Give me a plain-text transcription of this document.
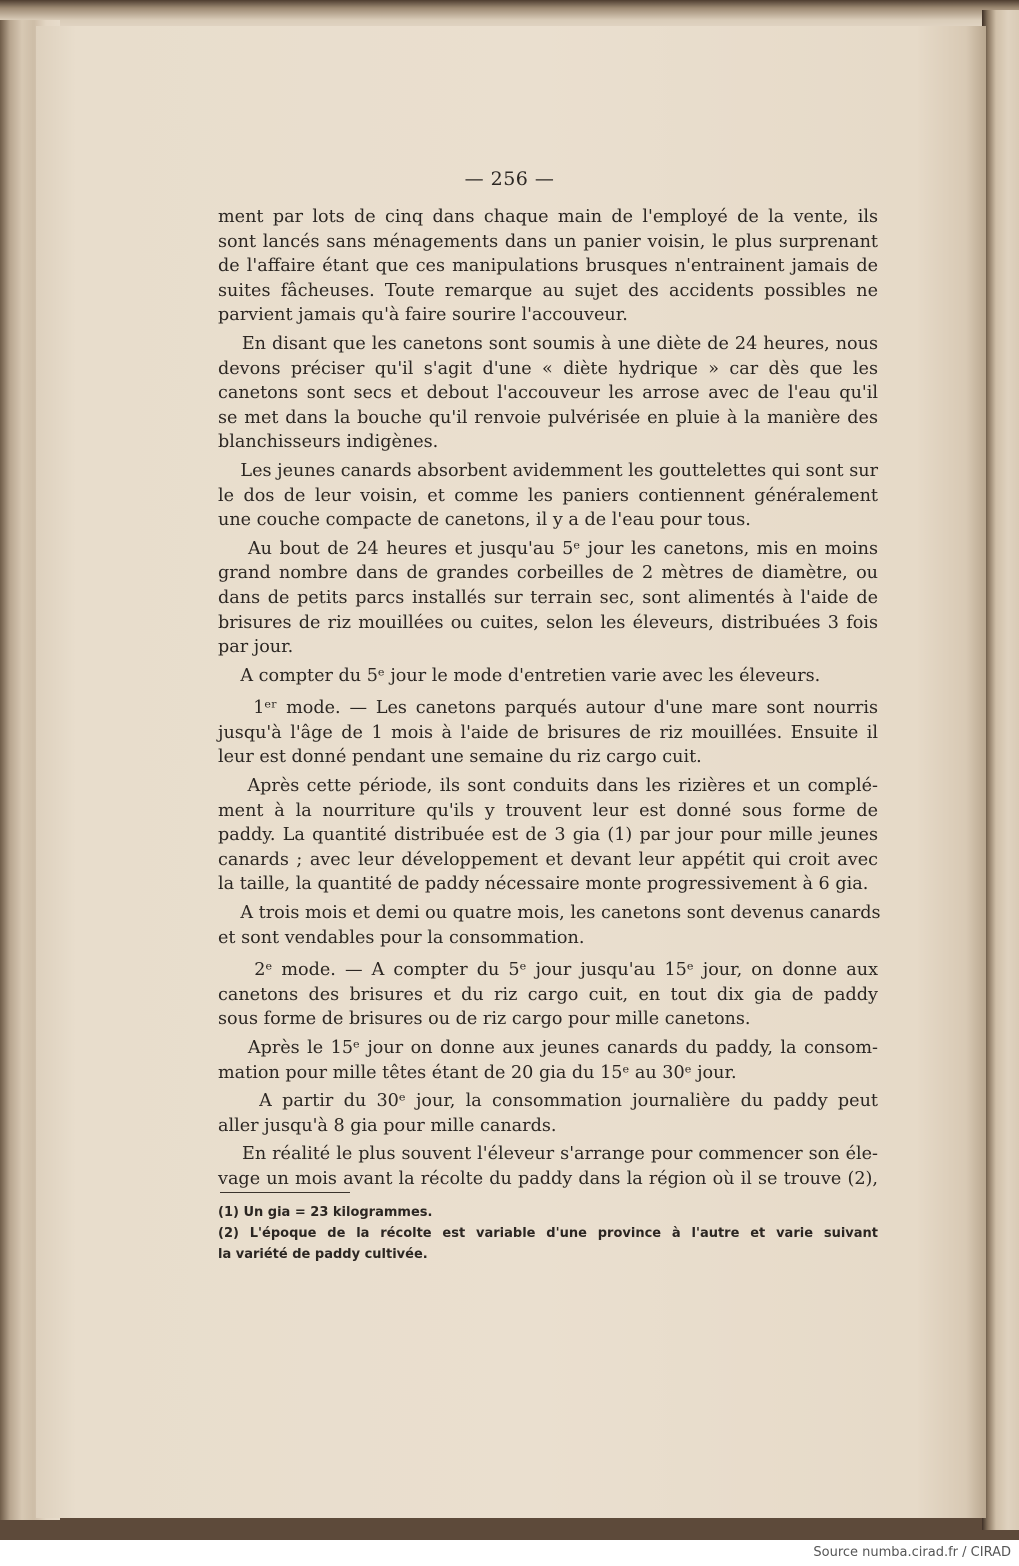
— 256 —
ment par lots de cinq dans chaque main de l'employé de la vente, ils
sont lancés sans ménagements dans un panier voisin, le plus surprenant
de l'affaire étant que ces manipulations brusques n'entrainent jamais de
suites fâcheuses. Toute remarque au sujet des accidents possibles ne
parvient jamais qu'à faire sourire l'accouveur.
En disant que les canetons sont soumis à une diète de 24 heures, nous
devons préciser qu'il s'agit d'une « diète hydrique » car dès que les
canetons sont secs et debout l'accouveur les arrose avec de l'eau qu'il
se met dans la bouche qu'il renvoie pulvérisée en pluie à la manière des
blanchisseurs indigènes.
Les jeunes canards absorbent avidemment les gouttelettes qui sont sur
le dos de leur voisin, et comme les paniers contiennent généralement
une couche compacte de canetons, il y a de l'eau pour tous.
Au bout de 24 heures et jusqu'au 5ᵉ jour les canetons, mis en moins
grand nombre dans de grandes corbeilles de 2 mètres de diamètre, ou
dans de petits parcs installés sur terrain sec, sont alimentés à l'aide de
brisures de riz mouillées ou cuites, selon les éleveurs, distribuées 3 fois
par jour.
A compter du 5ᵉ jour le mode d'entretien varie avec les éleveurs.
1ᵉʳ mode. — Les canetons parqués autour d'une mare sont nourris
jusqu'à l'âge de 1 mois à l'aide de brisures de riz mouillées. Ensuite il
leur est donné pendant une semaine du riz cargo cuit.
Après cette période, ils sont conduits dans les rizières et un complé-
ment à la nourriture qu'ils y trouvent leur est donné sous forme de
paddy. La quantité distribuée est de 3 gia (1) par jour pour mille jeunes
canards ; avec leur développement et devant leur appétit qui croit avec
la taille, la quantité de paddy nécessaire monte progressivement à 6 gia.
A trois mois et demi ou quatre mois, les canetons sont devenus canards
et sont vendables pour la consommation.
2ᵉ mode. — A compter du 5ᵉ jour jusqu'au 15ᵉ jour, on donne aux
canetons des brisures et du riz cargo cuit, en tout dix gia de paddy
sous forme de brisures ou de riz cargo pour mille canetons.
Après le 15ᵉ jour on donne aux jeunes canards du paddy, la consom-
mation pour mille têtes étant de 20 gia du 15ᵉ au 30ᵉ jour.
A partir du 30ᵉ jour, la consommation journalière du paddy peut
aller jusqu'à 8 gia pour mille canards.
En réalité le plus souvent l'éleveur s'arrange pour commencer son éle-
vage un mois avant la récolte du paddy dans la région où il se trouve (2),
(1) Un gia = 23 kilogrammes.
(2) L'époque de la récolte est variable d'une province à l'autre et varie suivant
la variété de paddy cultivée.
Source numba.cirad.fr / CIRAD
